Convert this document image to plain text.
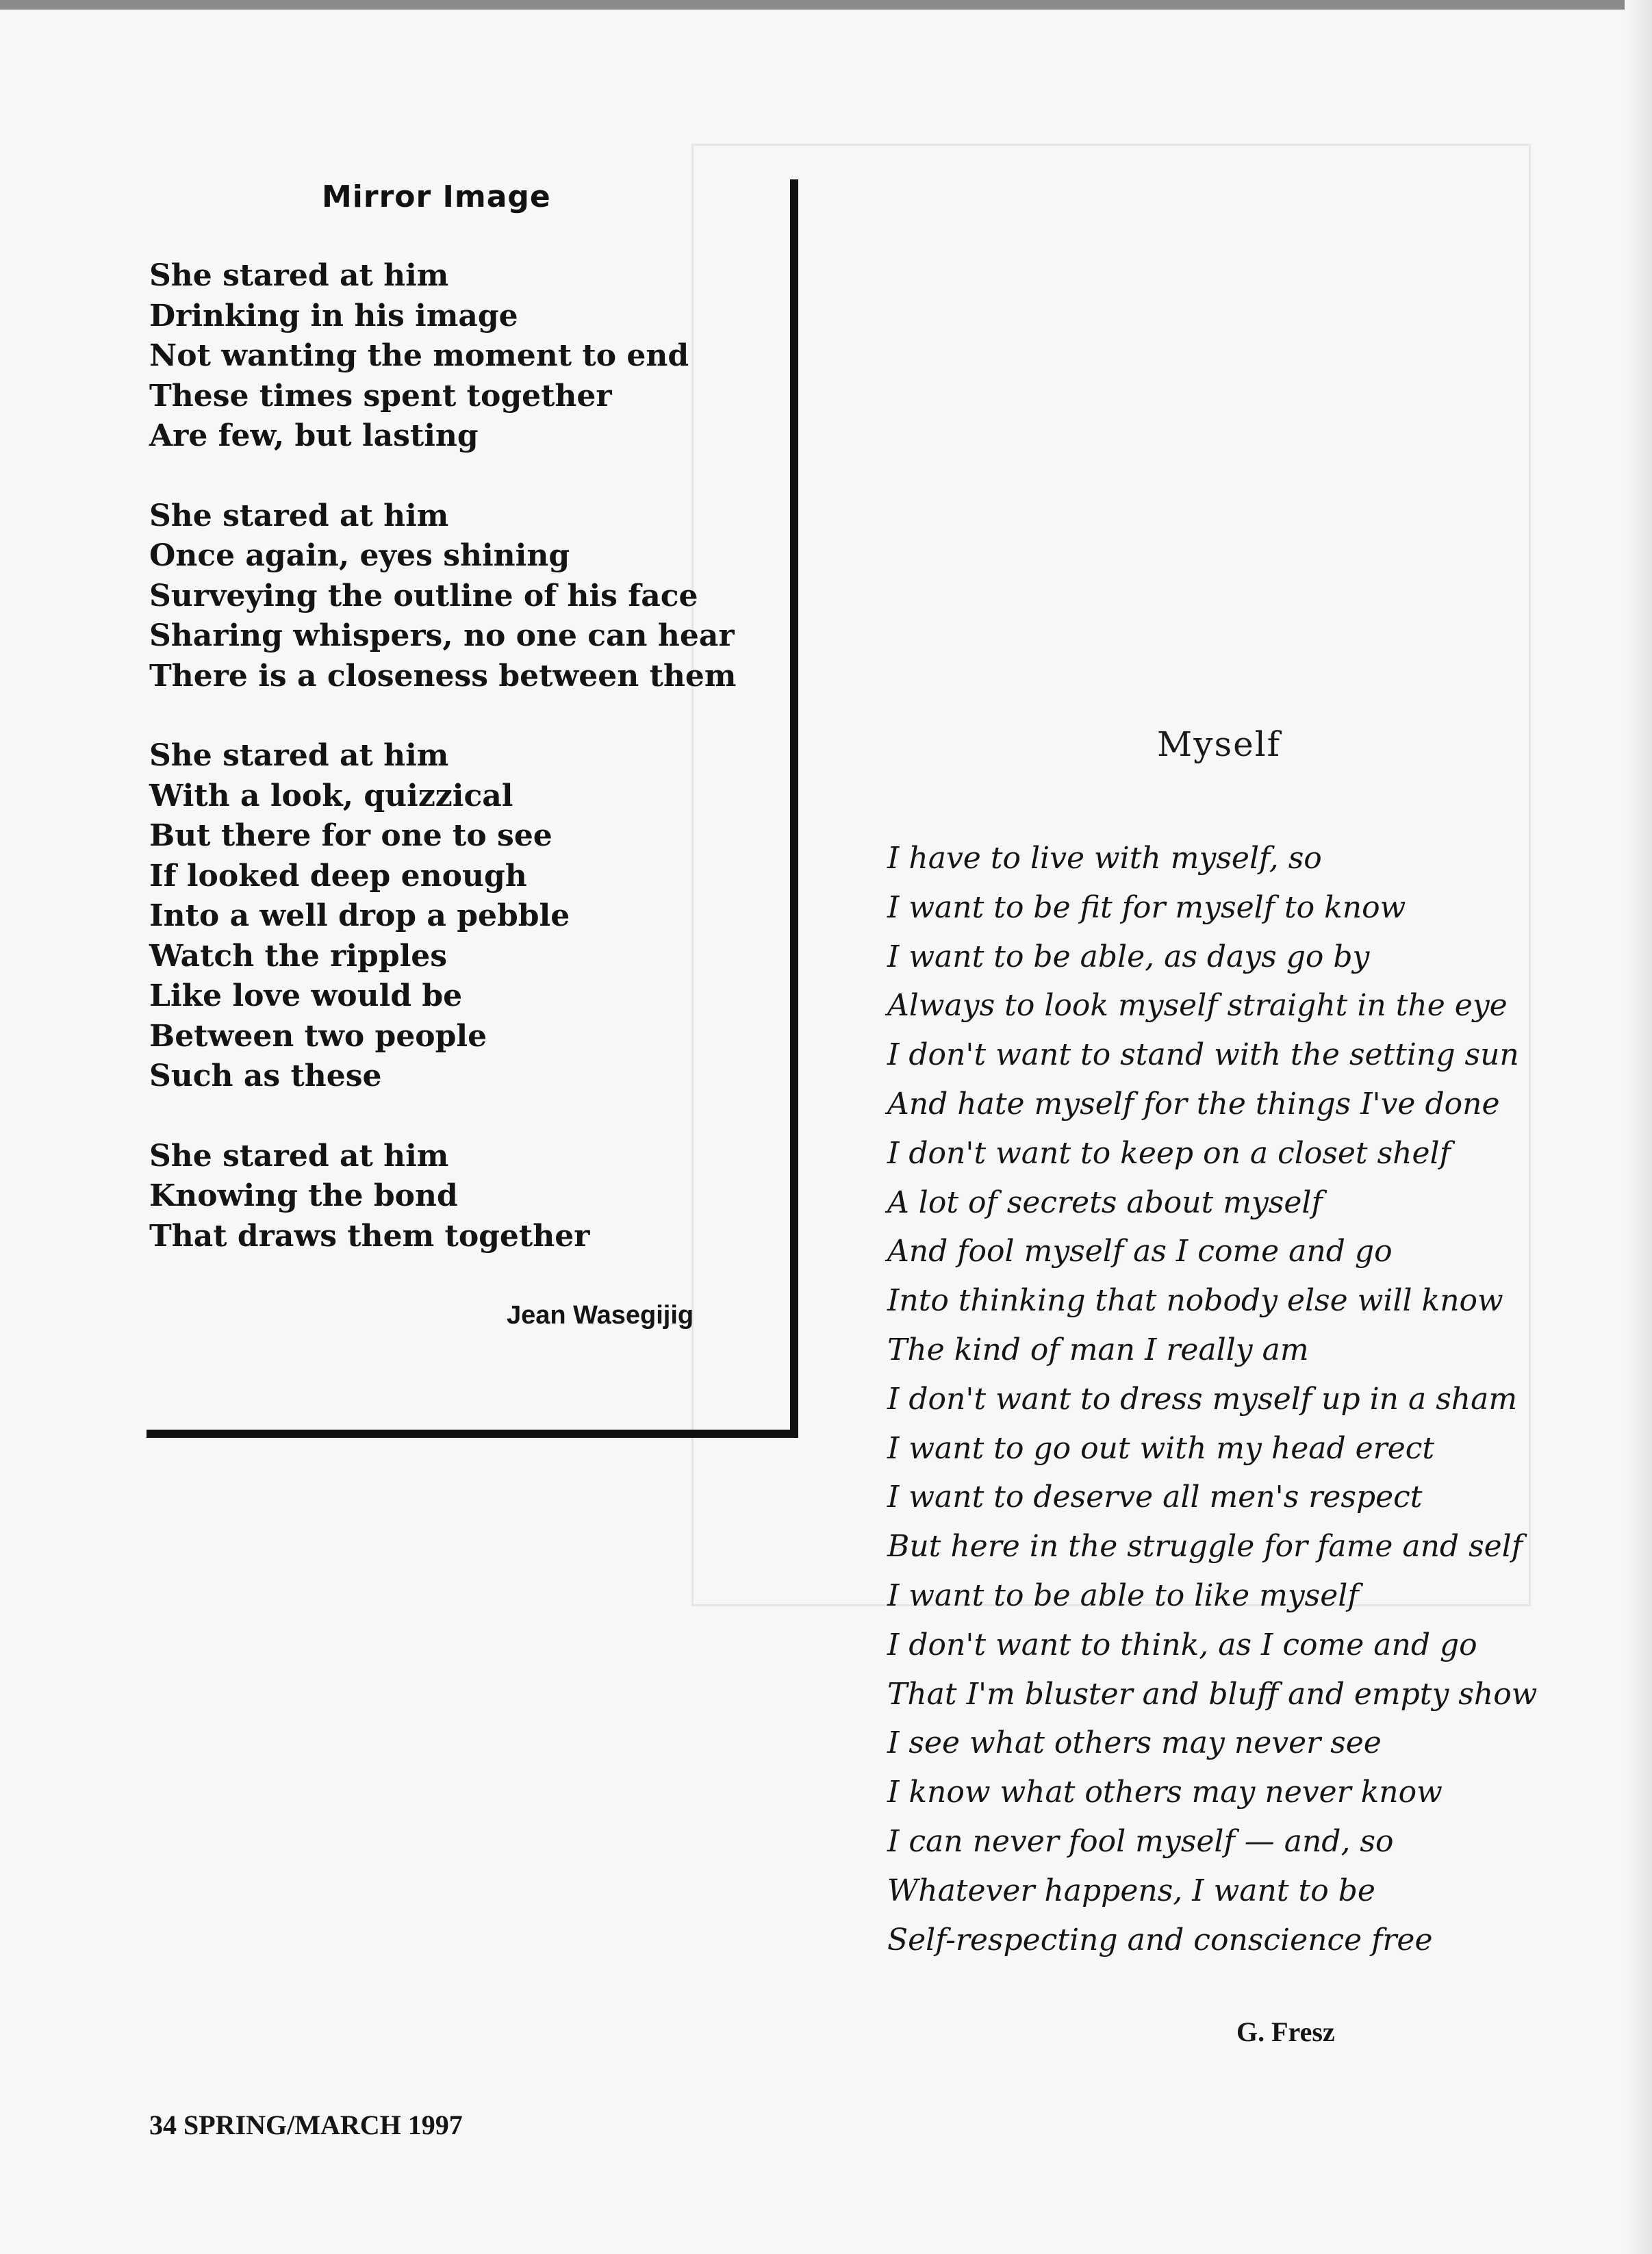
Mirror Image
She stared at him
Drinking in his image
Not wanting the moment to end
These times spent together
Are few, but lasting
She stared at him
Once again, eyes shining
Surveying the outline of his face
Sharing whispers, no one can hear
There is a closeness between them
She stared at him
With a look, quizzical
But there for one to see
If looked deep enough
Into a well drop a pebble
Watch the ripples
Like love would be
Between two people
Such as these
She stared at him
Knowing the bond
That draws them together
Jean Wasegijig
Myself
I have to live with myself, so
I want to be fit for myself to know
I want to be able, as days go by
Always to look myself straight in the eye
I don't want to stand with the setting sun
And hate myself for the things I've done
I don't want to keep on a closet shelf
A lot of secrets about myself
And fool myself as I come and go
Into thinking that nobody else will know
The kind of man I really am
I don't want to dress myself up in a sham
I want to go out with my head erect
I want to deserve all men's respect
But here in the struggle for fame and self
I want to be able to like myself
I don't want to think, as I come and go
That I'm bluster and bluff and empty show
I see what others may never see
I know what others may never know
I can never fool myself — and, so
Whatever happens, I want to be
Self-respecting and conscience free
G. Fresz
34 SPRING/MARCH 1997
